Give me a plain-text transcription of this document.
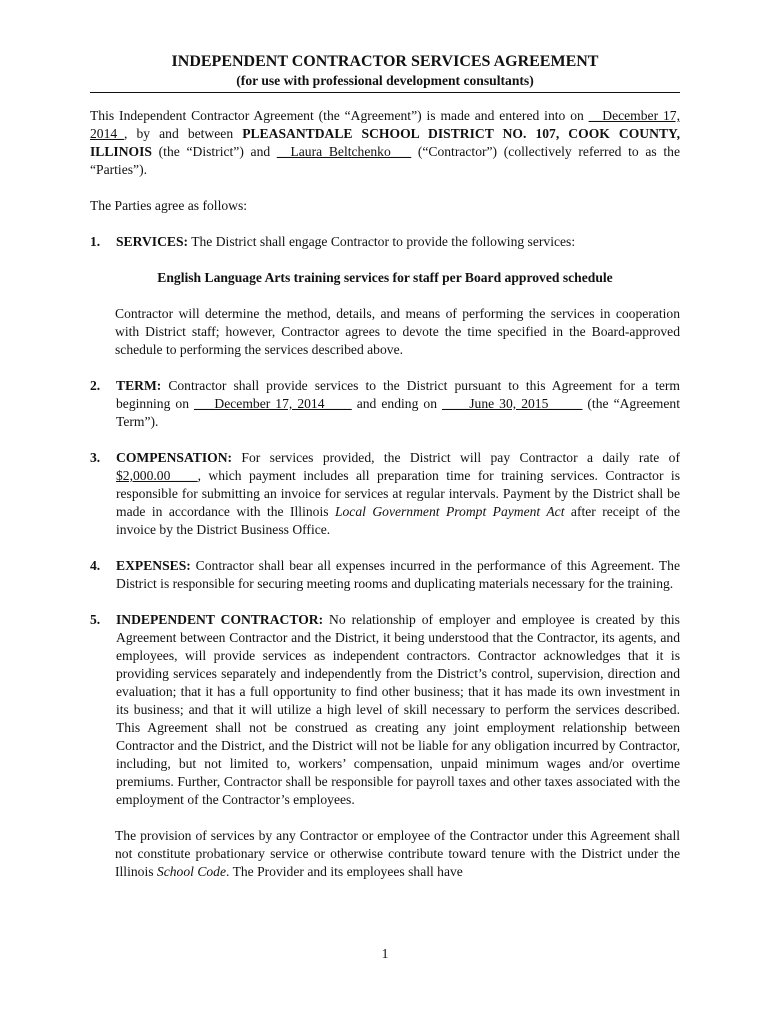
INDEPENDENT CONTRACTOR SERVICES AGREEMENT
(for use with professional development consultants)

This Independent Contractor Agreement (the “Agreement”) is made and entered into on __December 17, 2014_, by and between PLEASANTDALE SCHOOL DISTRICT NO. 107, COOK COUNTY, ILLINOIS (the “District”) and __Laura Beltchenko___ (“Contractor”) (collectively referred to as the “Parties”).

The Parties agree as follows:

1.	SERVICES: The District shall engage Contractor to provide the following services:

English Language Arts training services for staff per Board approved schedule

Contractor will determine the method, details, and means of performing the services in cooperation with District staff; however, Contractor agrees to devote the time specified in the Board-approved schedule to performing the services described above.

2.	TERM: Contractor shall provide services to the District pursuant to this Agreement for a term beginning on ___December 17, 2014____ and ending on ____June 30, 2015_____ (the “Agreement Term”).
3.	COMPENSATION: For services provided, the District will pay Contractor a daily rate of $2,000.00____, which payment includes all preparation time for training services. Contractor is responsible for submitting an invoice for services at regular intervals. Payment by the District shall be made in accordance with the Illinois Local Government Prompt Payment Act after receipt of the invoice by the District Business Office.
4.	EXPENSES: Contractor shall bear all expenses incurred in the performance of this Agreement. The District is responsible for securing meeting rooms and duplicating materials necessary for the training.
5.	INDEPENDENT CONTRACTOR: No relationship of employer and employee is created by this Agreement between Contractor and the District, it being understood that the Contractor, its agents, and employees, will provide services as independent contractors. Contractor acknowledges that it is providing services separately and independently from the District’s control, supervision, direction and evaluation; that it has a full opportunity to find other business; that it has made its own investment in its business; and that it will utilize a high level of skill necessary to perform the services described. This Agreement shall not be construed as creating any joint employment relationship between Contractor and the District, and the District will not be liable for any obligation incurred by Contractor, including, but not limited to, workers’ compensation, unpaid minimum wages and/or overtime premiums. Further, Contractor shall be responsible for payroll taxes and other taxes associated with the employment of the Contractor’s employees.

The provision of services by any Contractor or employee of the Contractor under this Agreement shall not constitute probationary service or otherwise contribute toward tenure with the District under the Illinois School Code. The Provider and its employees shall have

1
